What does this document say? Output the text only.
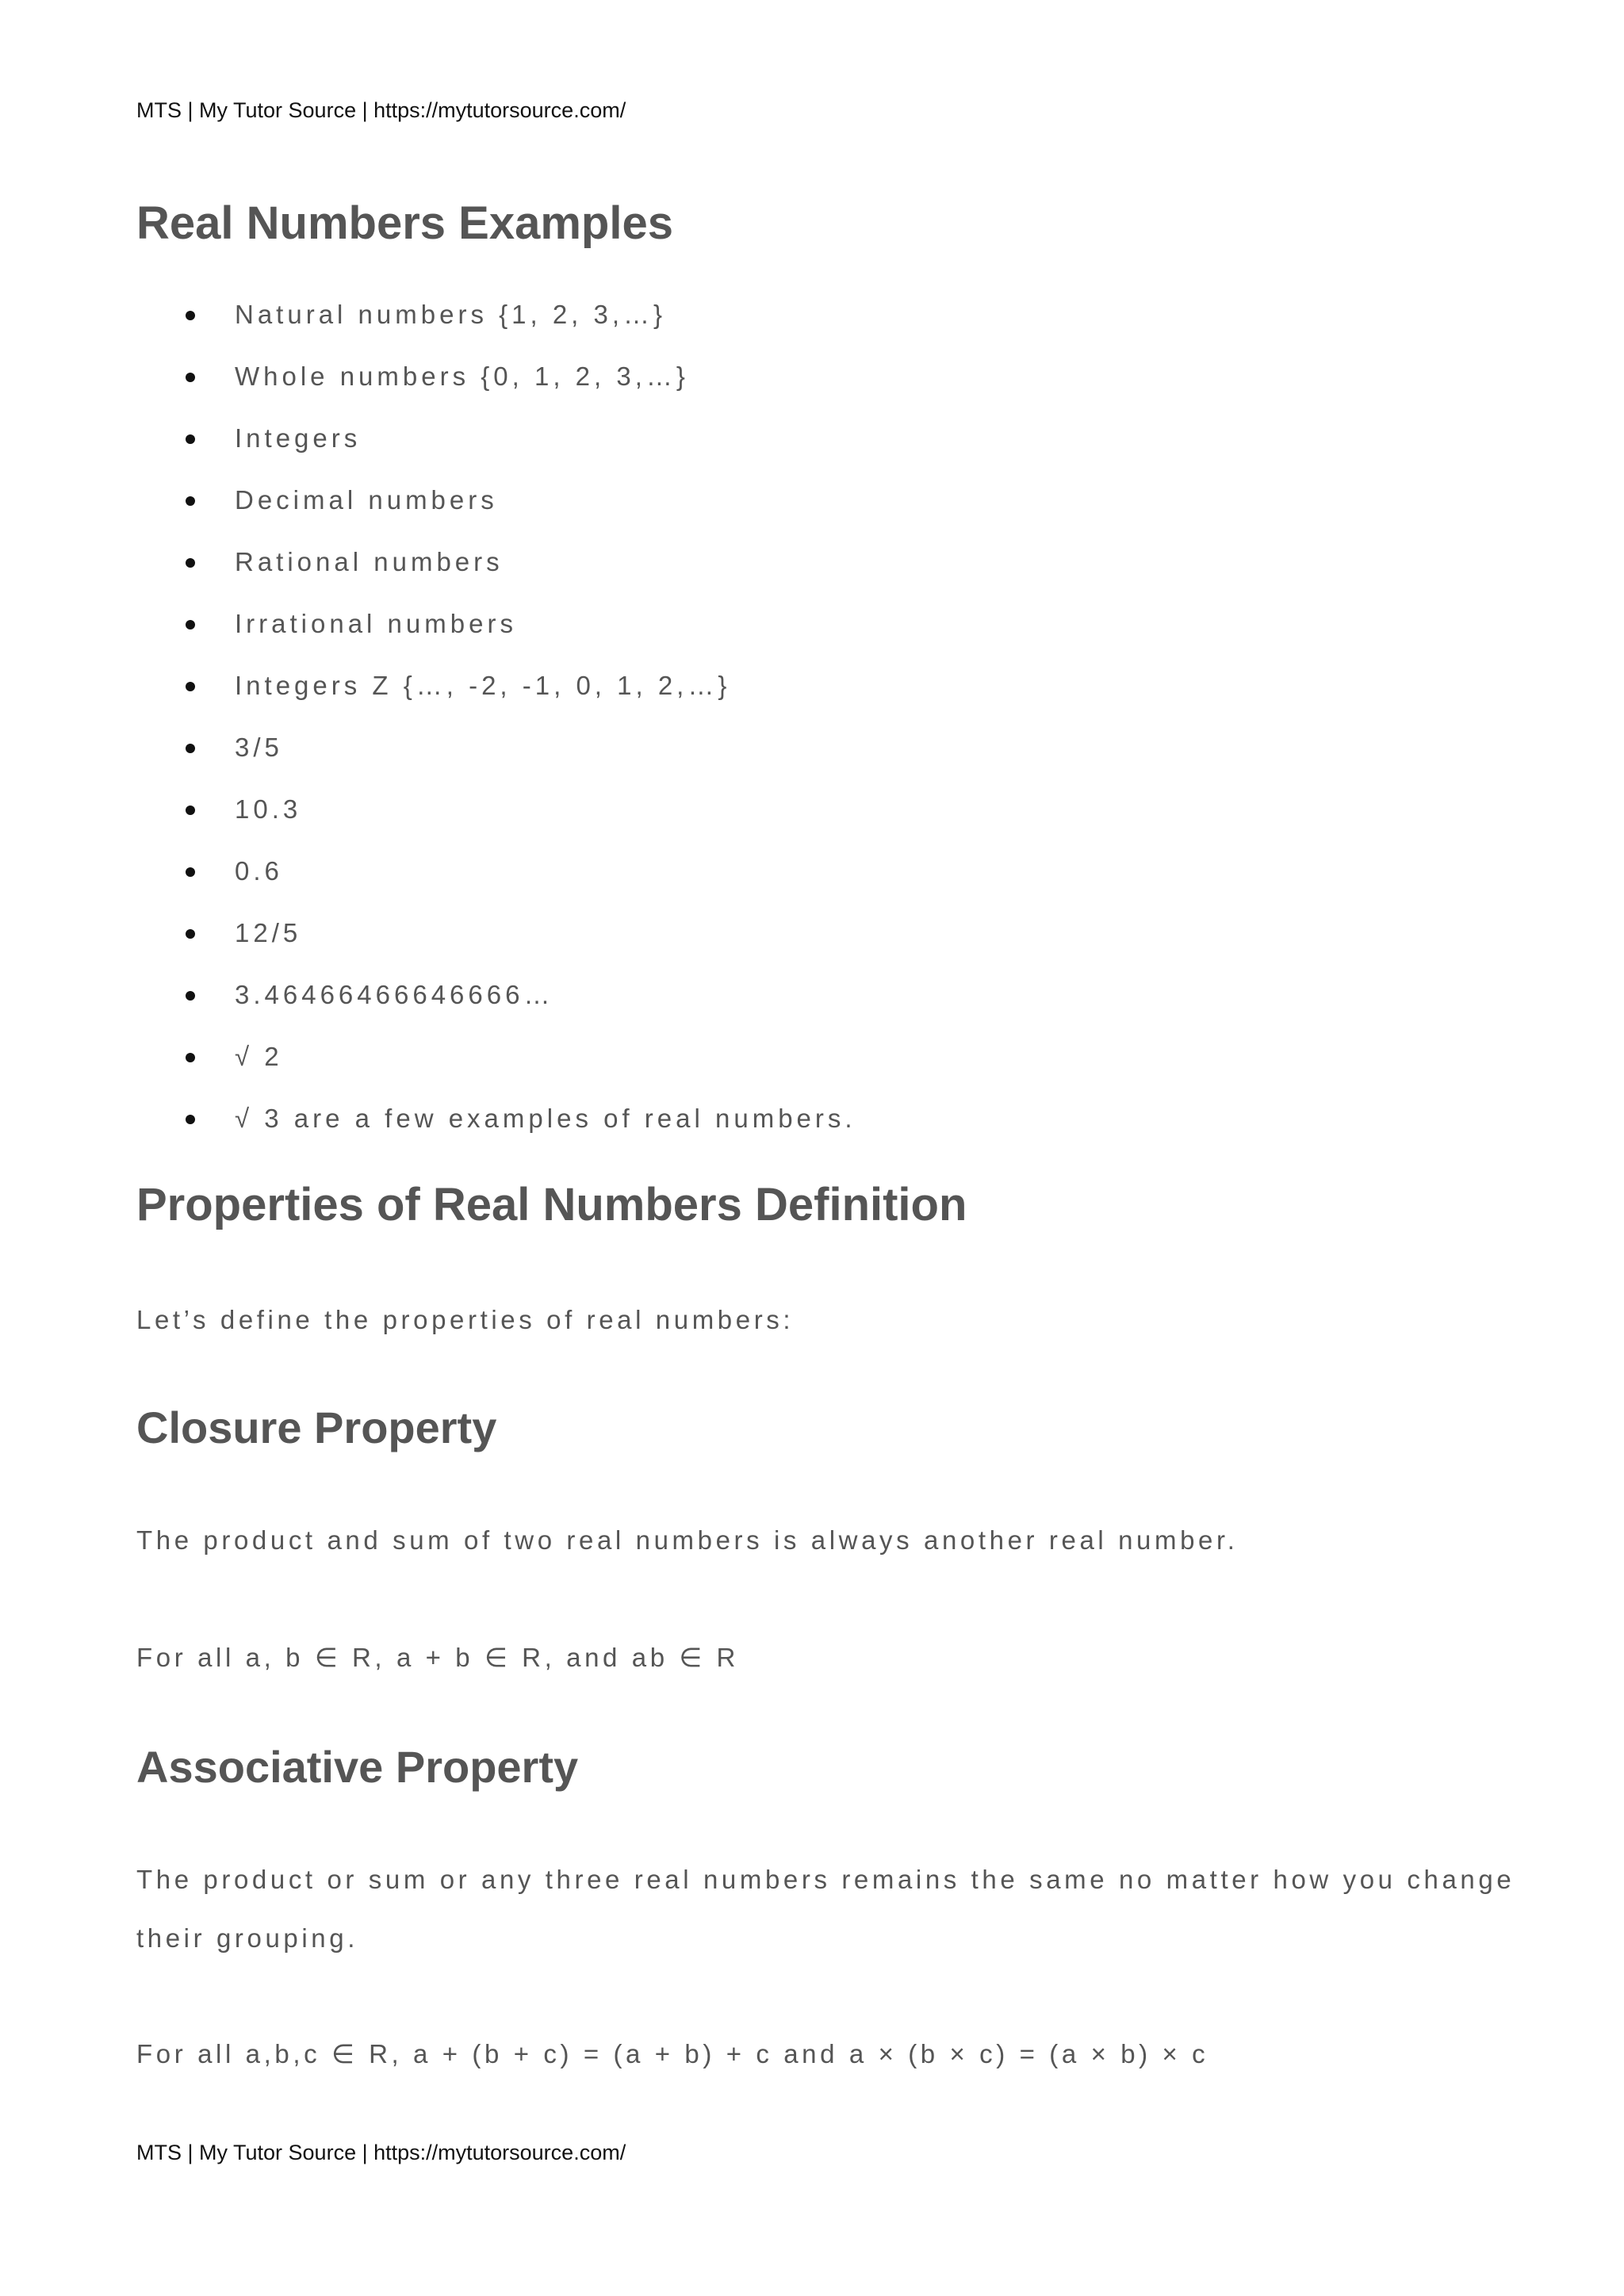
MTS | My Tutor Source | https://mytutorsource.com/
Real Numbers Examples
Natural numbers {1, 2, 3,…}
Whole numbers {0, 1, 2, 3,…}
Integers
Decimal numbers
Rational numbers
Irrational numbers
Integers Z {…, -2, -1, 0, 1, 2,…}
3/5
10.3
0.6
12/5
3.46466466646666…
√ 2
√ 3 are a few examples of real numbers.
Properties of Real Numbers Definition

Let’s define the properties of real numbers:

Closure Property

The product and sum of two real numbers is always another real number.

For all a, b ∈ R, a + b ∈ R, and ab ∈ R

Associative Property

The product or sum or any three real numbers remains the same no matter how you change their grouping.

For all a,b,c ∈ R, a + (b + c) = (a + b) + c and a × (b × c) = (a × b) × c

MTS | My Tutor Source | https://mytutorsource.com/
